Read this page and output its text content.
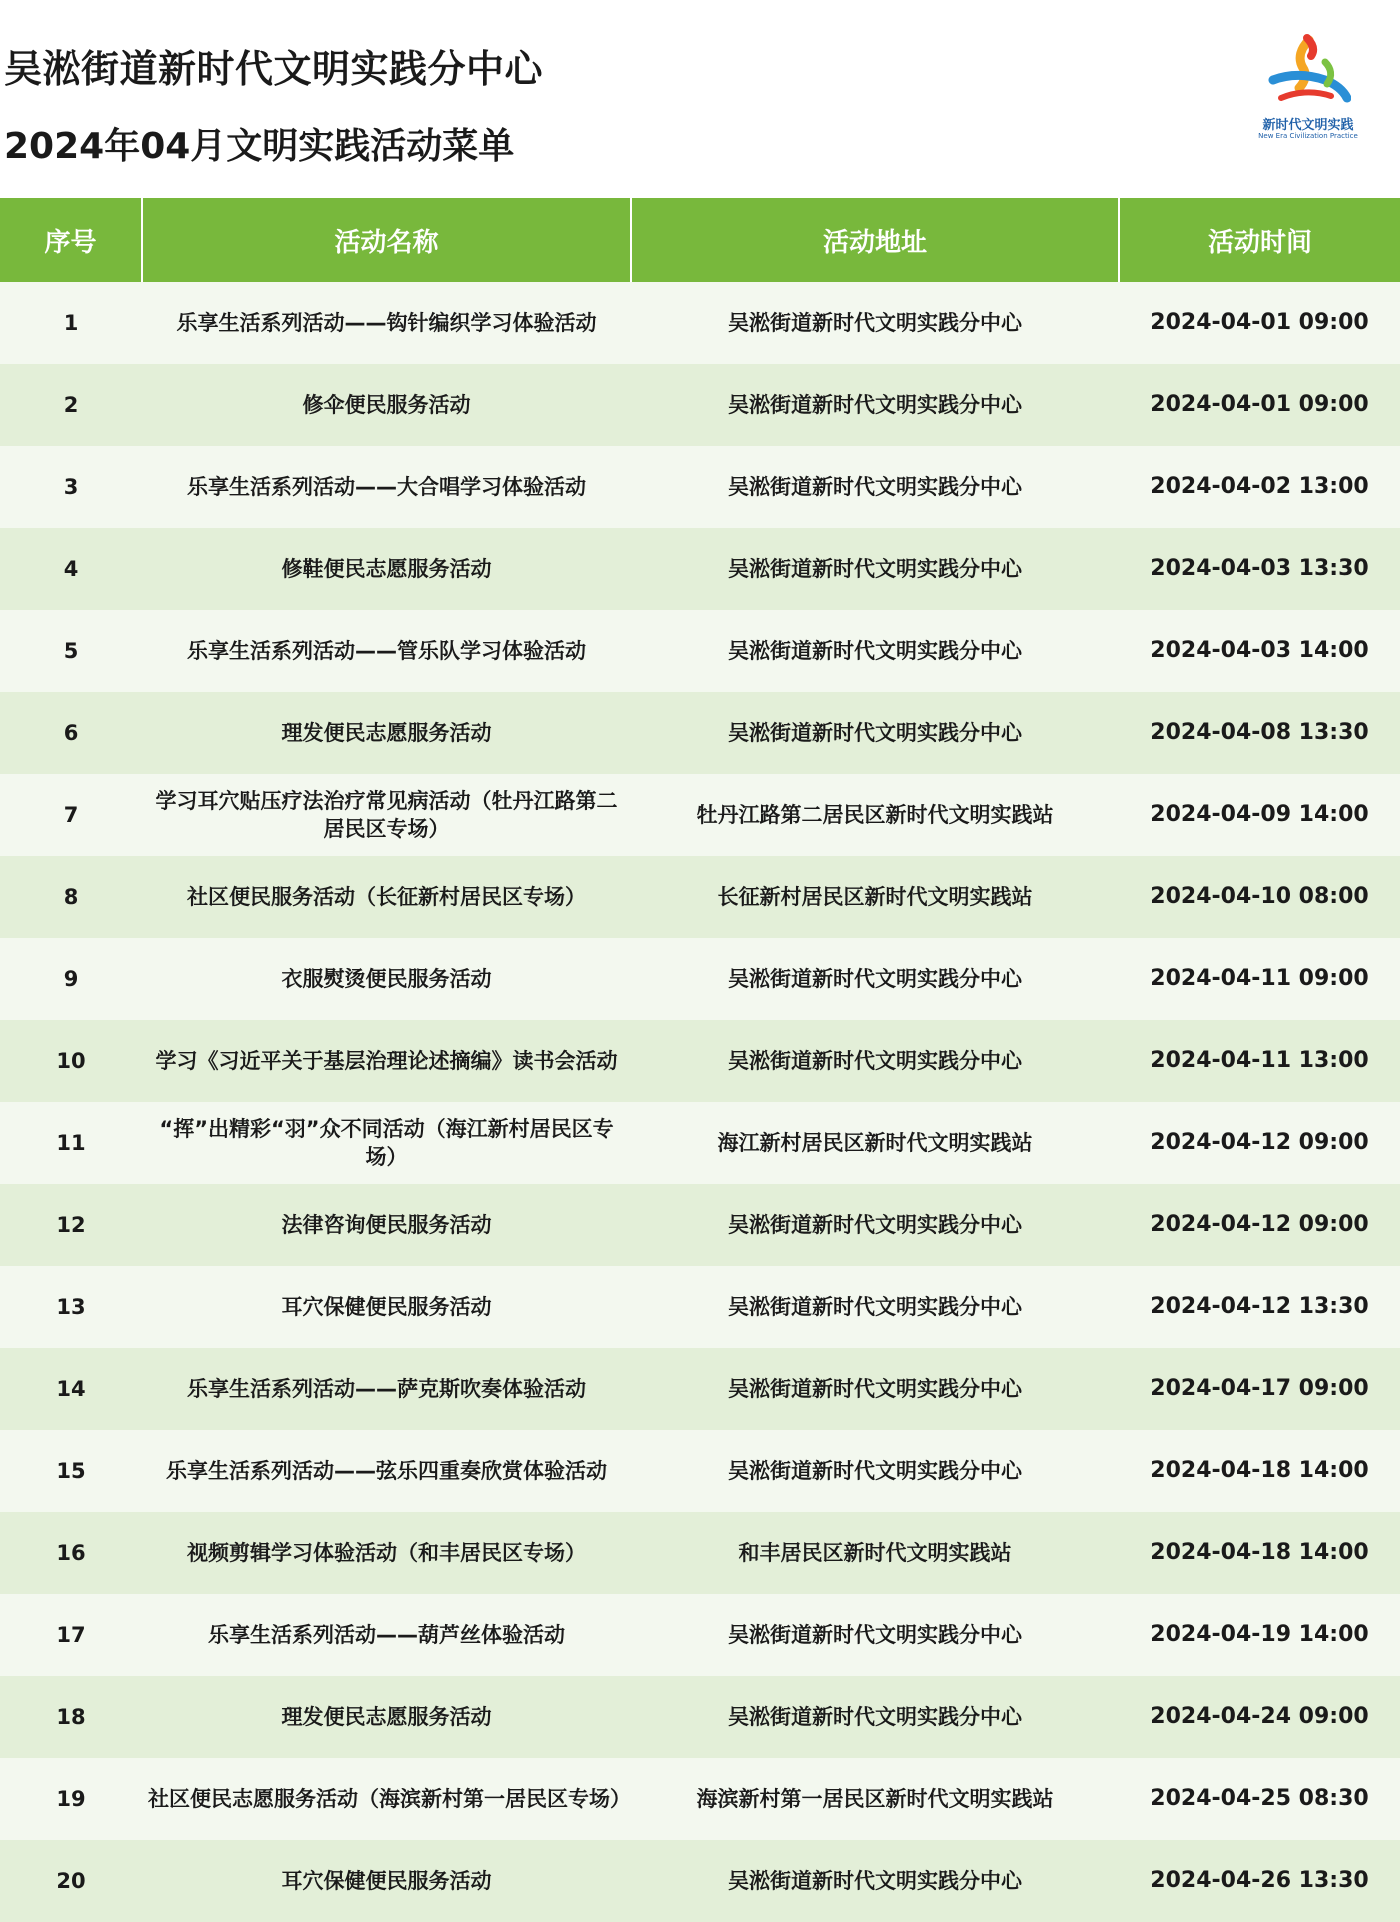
吴淞街道新时代文明实践分中心
2024年04月文明实践活动菜单
新时代文明实践
New Era Civilization Practice
序号	活动名称	活动地址	活动时间
1	乐享生活系列活动——钩针编织学习体验活动	吴淞街道新时代文明实践分中心	2024-04-01 09:00
2	修伞便民服务活动	吴淞街道新时代文明实践分中心	2024-04-01 09:00
3	乐享生活系列活动——大合唱学习体验活动	吴淞街道新时代文明实践分中心	2024-04-02 13:00
4	修鞋便民志愿服务活动	吴淞街道新时代文明实践分中心	2024-04-03 13:30
5	乐享生活系列活动——管乐队学习体验活动	吴淞街道新时代文明实践分中心	2024-04-03 14:00
6	理发便民志愿服务活动	吴淞街道新时代文明实践分中心	2024-04-08 13:30
7	学习耳穴贴压疗法治疗常见病活动（牡丹江路第二居民区专场）	牡丹江路第二居民区新时代文明实践站	2024-04-09 14:00
8	社区便民服务活动（长征新村居民区专场）	长征新村居民区新时代文明实践站	2024-04-10 08:00
9	衣服熨烫便民服务活动	吴淞街道新时代文明实践分中心	2024-04-11 09:00
10	学习《习近平关于基层治理论述摘编》读书会活动	吴淞街道新时代文明实践分中心	2024-04-11 13:00
11	“挥”出精彩“羽”众不同活动（海江新村居民区专场）	海江新村居民区新时代文明实践站	2024-04-12 09:00
12	法律咨询便民服务活动	吴淞街道新时代文明实践分中心	2024-04-12 09:00
13	耳穴保健便民服务活动	吴淞街道新时代文明实践分中心	2024-04-12 13:30
14	乐享生活系列活动——萨克斯吹奏体验活动	吴淞街道新时代文明实践分中心	2024-04-17 09:00
15	乐享生活系列活动——弦乐四重奏欣赏体验活动	吴淞街道新时代文明实践分中心	2024-04-18 14:00
16	视频剪辑学习体验活动（和丰居民区专场）	和丰居民区新时代文明实践站	2024-04-18 14:00
17	乐享生活系列活动——葫芦丝体验活动	吴淞街道新时代文明实践分中心	2024-04-19 14:00
18	理发便民志愿服务活动	吴淞街道新时代文明实践分中心	2024-04-24 09:00
19	社区便民志愿服务活动（海滨新村第一居民区专场）	海滨新村第一居民区新时代文明实践站	2024-04-25 08:30
20	耳穴保健便民服务活动	吴淞街道新时代文明实践分中心	2024-04-26 13:30
